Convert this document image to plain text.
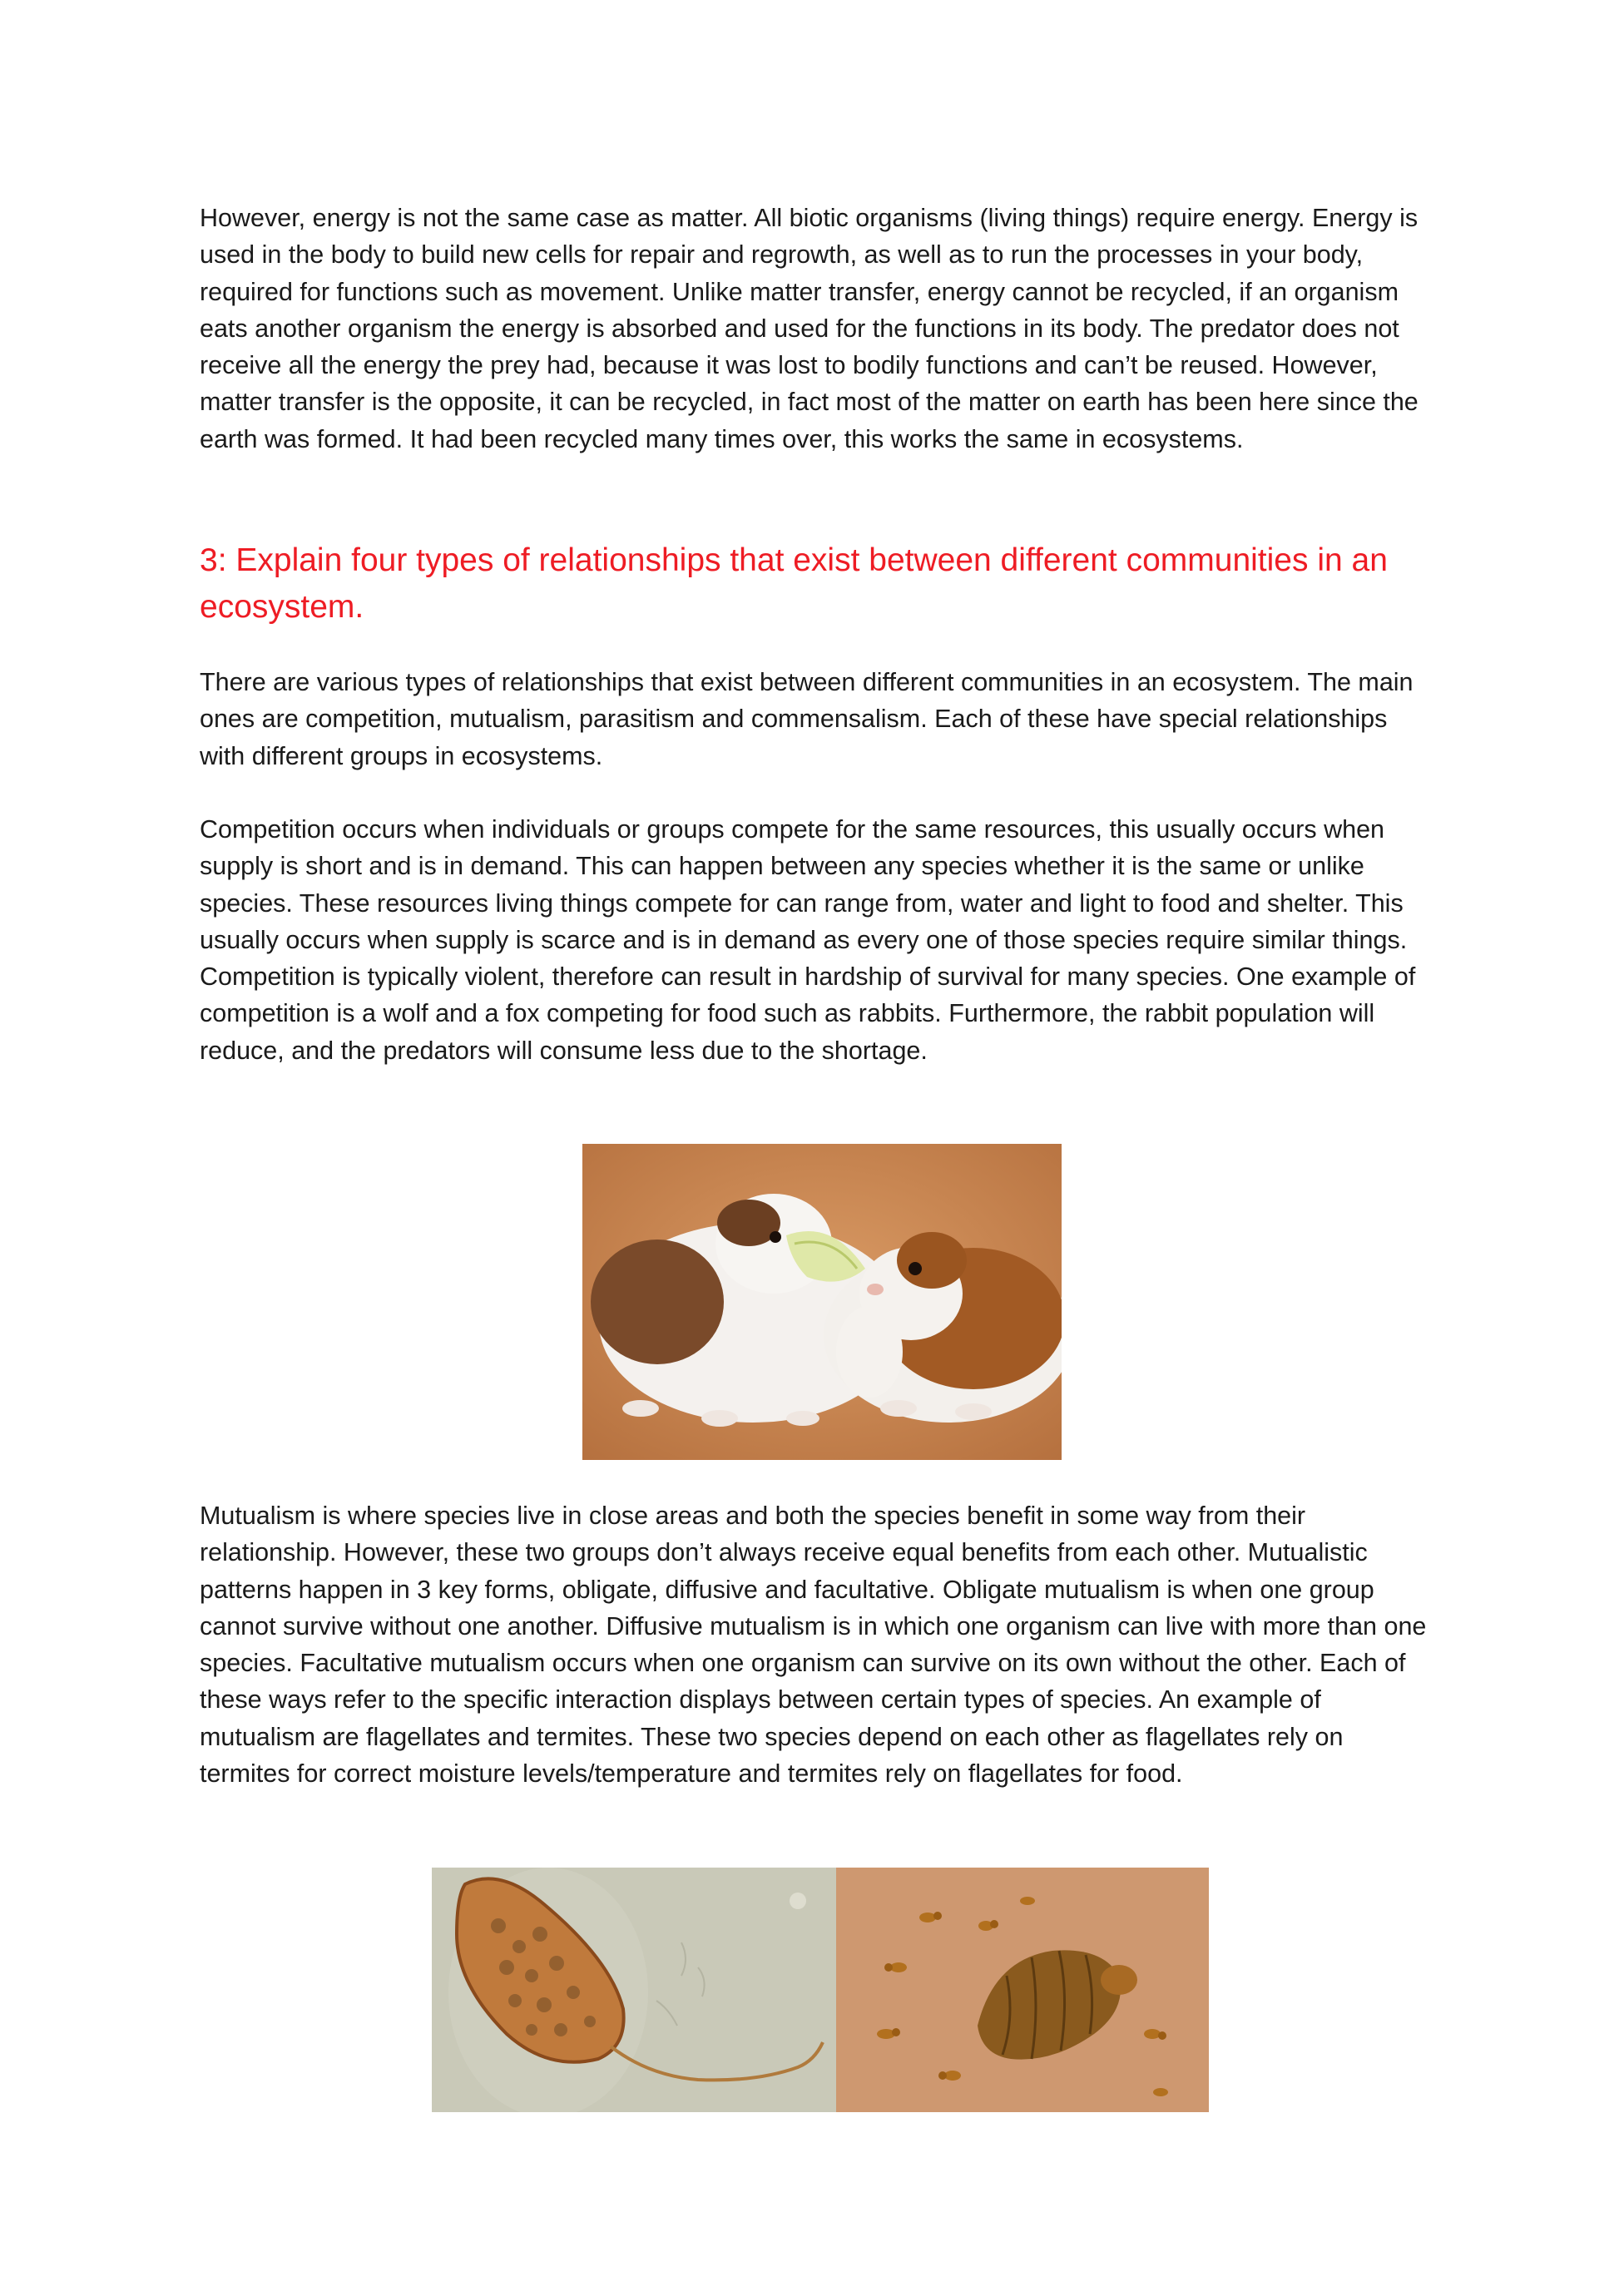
However, energy is not the same case as matter. All biotic organisms (living things) require energy. Energy is used in the body to build new cells for repair and regrowth, as well as to run the processes in your body, required for functions such as movement. Unlike matter transfer, energy cannot be recycled, if an organism eats another organism the energy is absorbed and used for the functions in its body. The predator does not receive all the energy the prey had, because it was lost to bodily functions and can’t be reused. However, matter transfer is the opposite, it can be recycled, in fact most of the matter on earth has been here since the earth was formed. It had been recycled many times over, this works the same in ecosystems.

3: Explain four types of relationships that exist between different communities in an ecosystem.

There are various types of relationships that exist between different communities in an ecosystem. The main ones are competition, mutualism, parasitism and commensalism. Each of these have special relationships with different groups in ecosystems.

Competition occurs when individuals or groups compete for the same resources, this usually occurs when supply is short and is in demand. This can happen between any species whether it is the same or unlike species. These resources living things compete for can range from, water and light to food and shelter. This usually occurs when supply is scarce and is in demand as every one of those species require similar things. Competition is typically violent, therefore can result in hardship of survival for many species. One example of competition is a wolf and a fox competing for food such as rabbits. Furthermore, the rabbit population will reduce, and the predators will consume less due to the shortage.

Mutualism is where species live in close areas and both the species benefit in some way from their relationship. However, these two groups don’t always receive equal benefits from each other. Mutualistic patterns happen in 3 key forms, obligate, diffusive and facultative. Obligate mutualism is when one group cannot survive without one another. Diffusive mutualism is in which one organism can live with more than one species. Facultative mutualism occurs when one organism can survive on its own without the other. Each of these ways refer to the specific interaction displays between certain types of species. An example of mutualism are flagellates and termites. These two species depend on each other as flagellates rely on termites for correct moisture levels/temperature and termites rely on flagellates for food.
